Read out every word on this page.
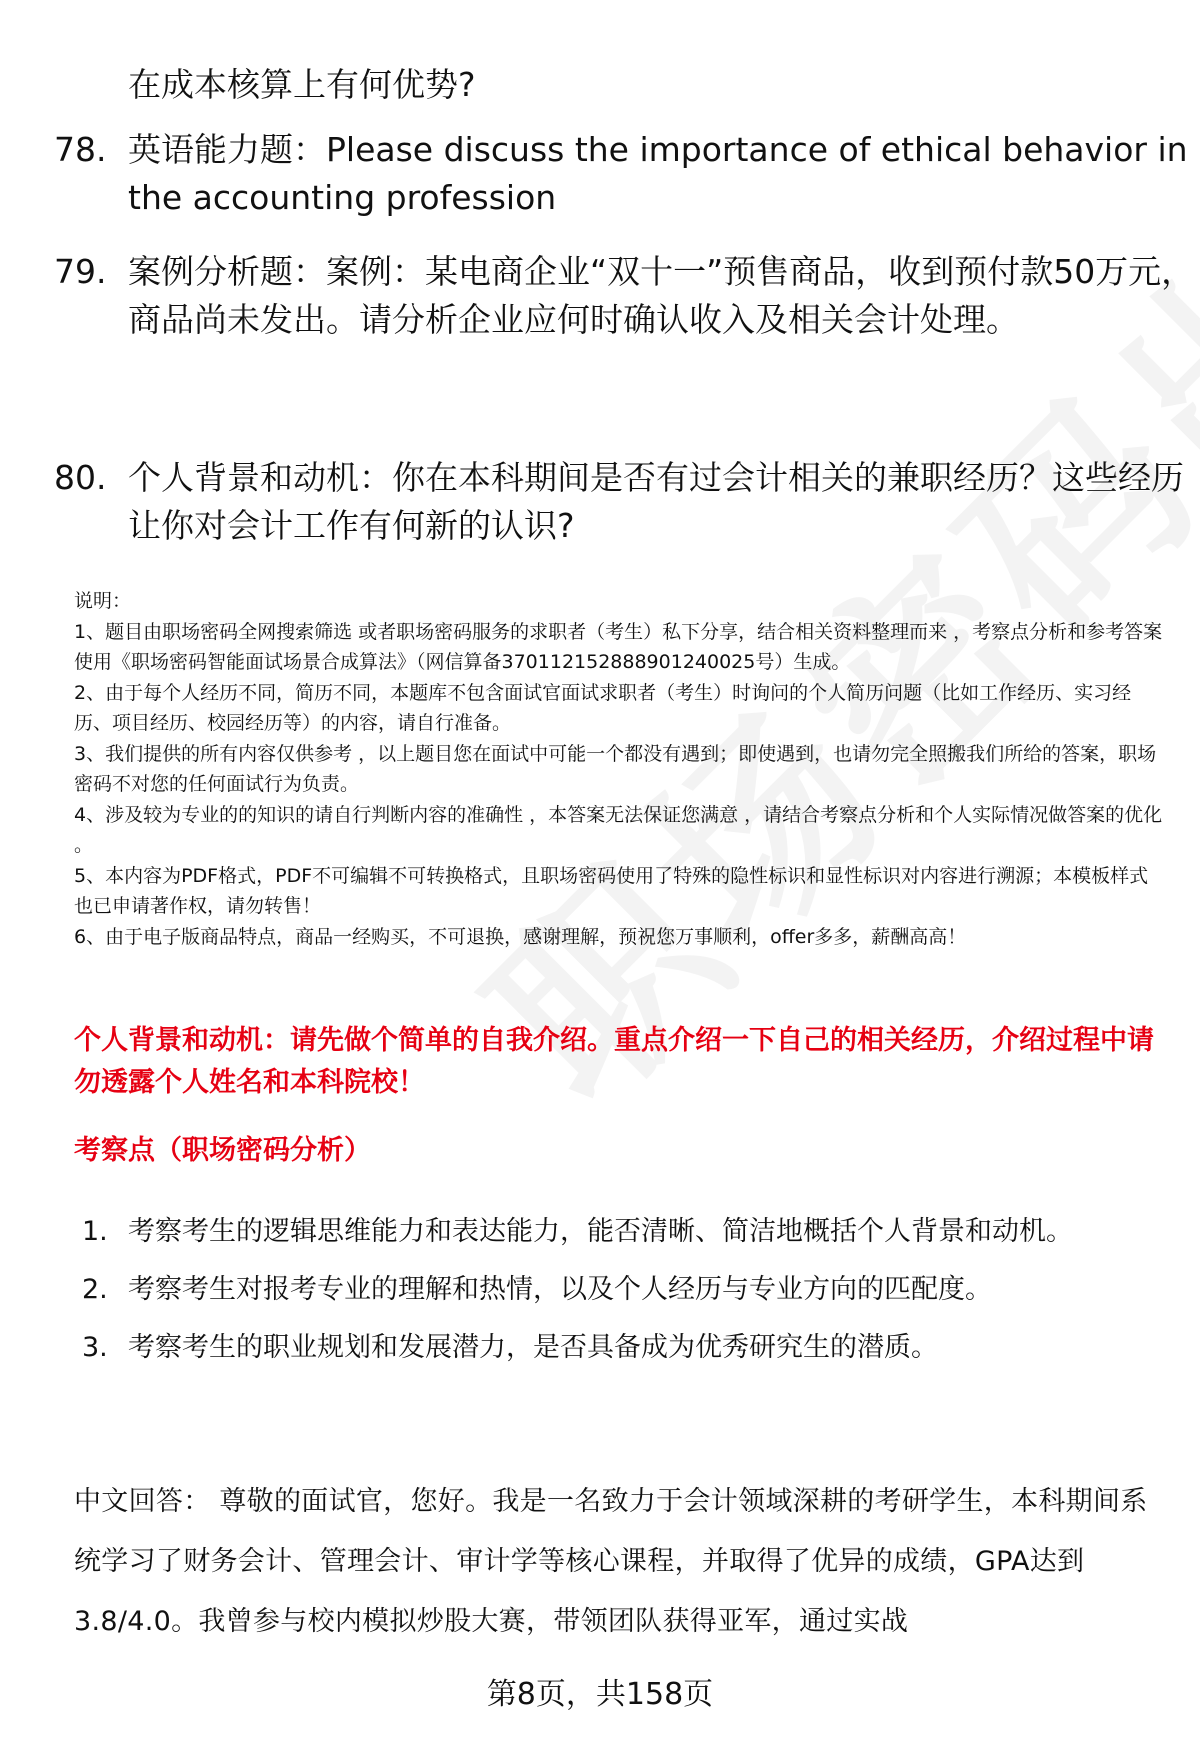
在成本核算上有何优势?
78. 英语能力题：Please discuss the importance of ethical behavior in the accounting profession
79. 案例分析题：案例：某电商企业“双十一”预售商品，收到预付款50万元，商品尚未发出。请分析企业应何时确认收入及相关会计处理。
80. 个人背景和动机：你在本科期间是否有过会计相关的兼职经历？这些经历让你对会计工作有何新的认识?

说明：

1、题目由职场密码全网搜索筛选 或者职场密码服务的求职者（考生）私下分享，结合相关资料整理而来 ，考察点分析和参考答案使用《职场密码智能面试场景合成算法》（网信算备370112152888901240025号）生成。

2、由于每个人经历不同，简历不同，本题库不包含面试官面试求职者（考生）时询问的个人简历问题（比如工作经历、实习经历、项目经历、校园经历等）的内容，请自行准备。

3、我们提供的所有内容仅供参考 ，以上题目您在面试中可能一个都没有遇到；即使遇到，也请勿完全照搬我们所给的答案，职场密码不对您的任何面试行为负责。

4、涉及较为专业的的知识的请自行判断内容的准确性 ，本答案无法保证您满意 ，请结合考察点分析和个人实际情况做答案的优化 。

5、本内容为PDF格式，PDF不可编辑不可转换格式，且职场密码使用了特殊的隐性标识和显性标识对内容进行溯源；本模板样式也已申请著作权，请勿转售！

6、由于电子版商品特点，商品一经购买，不可退换，感谢理解，预祝您万事顺利，offer多多，薪酬高高！

个人背景和动机：请先做个简单的自我介绍。重点介绍一下自己的相关经历，介绍过程中请勿透露个人姓名和本科院校！
考察点（职场密码分析）
1. 考察考生的逻辑思维能力和表达能力，能否清晰、简洁地概括个人背景和动机。
2. 考察考生对报考专业的理解和热情，以及个人经历与专业方向的匹配度。
3. 考察考生的职业规划和发展潜力，是否具备成为优秀研究生的潜质。
中文回答： 尊敬的面试官，您好。我是一名致力于会计领域深耕的考研学生，本科期间系统学习了财务会计、管理会计、审计学等核心课程，并取得了优异的成绩，GPA达到3.8/4.0。我曾参与校内模拟炒股大赛，带领团队获得亚军，通过实战
第8页，共158页
